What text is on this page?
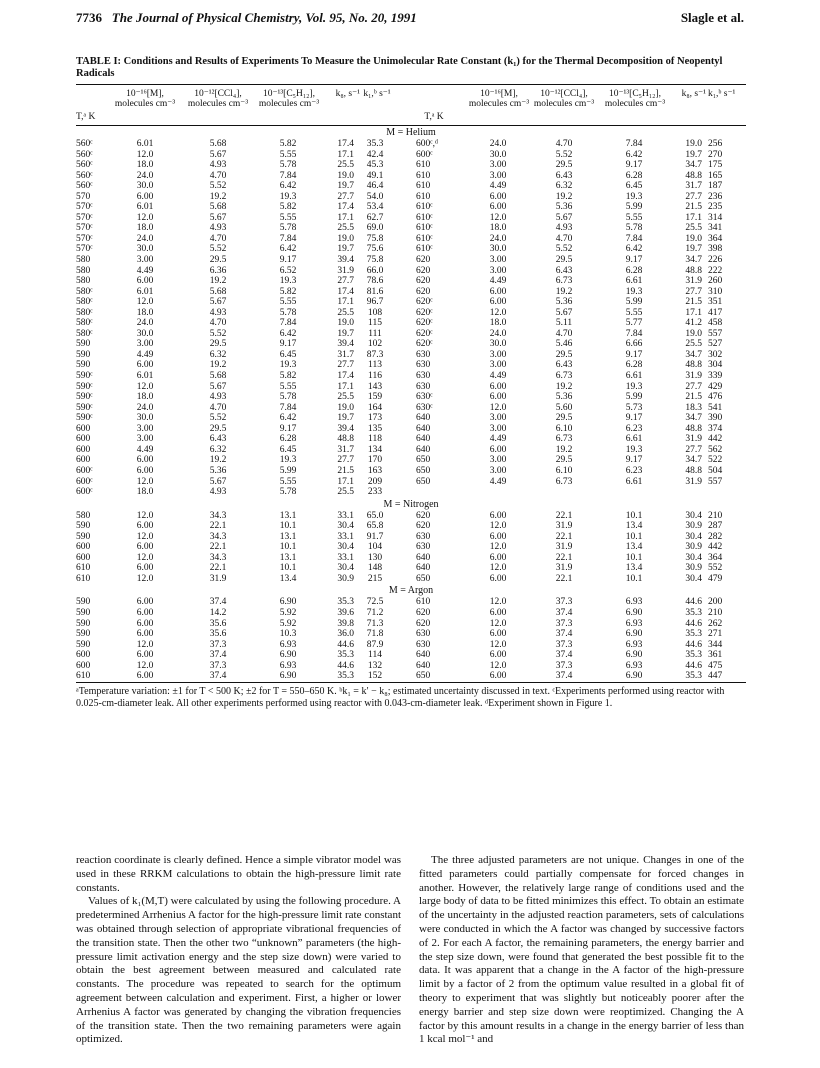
7736 The Journal of Physical Chemistry, Vol. 95, No. 20, 1991	Slagle et al.
TABLE I: Conditions and Results of Experiments To Measure the Unimolecular Rate Constant (k₁) for the Thermal Decomposition of Neopentyl Radicals
T,ᵃ K
10⁻¹⁶[M], molecules cm⁻³
10⁻¹²[CCl₄], molecules cm⁻³
10⁻¹³[C₅H₁₂], molecules cm⁻³
k₈, s⁻¹ k₁,ᵇ s⁻¹
T,ᵃ K
10⁻¹⁶[M], molecules cm⁻³
10⁻¹²[CCl₄], molecules cm⁻³
10⁻¹³[C₅H₁₂], molecules cm⁻³
k₈, s⁻¹ k₁,ᵇ s⁻¹
M = Helium
560ᶜ	6.01	5.68	5.82	17.4	35.3	600ᶜ,ᵈ	24.0	4.70	7.84	19.0 256
560ᶜ	12.0	5.67	5.55	17.1	42.4	600ᶜ	30.0	5.52	6.42	19.7 270
560ᶜ	18.0	4.93	5.78	25.5	45.3	610	3.00	29.5	9.17	34.7 175
560ᶜ	24.0	4.70	7.84	19.0	49.1	610	3.00	6.43	6.28	48.8 165
560ᶜ	30.0	5.52	6.42	19.7	46.4	610	4.49	6.32	6.45	31.7 187
570	6.00	19.2	19.3	27.7	54.0	610	6.00	19.2	19.3	27.7 236
570ᶜ	6.01	5.68	5.82	17.4	53.4	610ᶜ	6.00	5.36	5.99	21.5 235
570ᶜ	12.0	5.67	5.55	17.1	62.7	610ᶜ	12.0	5.67	5.55	17.1 314
570ᶜ	18.0	4.93	5.78	25.5	69.0	610ᶜ	18.0	4.93	5.78	25.5 341
570ᶜ	24.0	4.70	7.84	19.0	75.8	610ᶜ	24.0	4.70	7.84	19.0 364
570ᶜ	30.0	5.52	6.42	19.7	75.6	610ᶜ	30.0	5.52	6.42	19.7 398
580	3.00	29.5	9.17	39.4	75.8	620	3.00	29.5	9.17	34.7 226
580	4.49	6.36	6.52	31.9	66.0	620	3.00	6.43	6.28	48.8 222
580	6.00	19.2	19.3	27.7	78.6	620	4.49	6.73	6.61	31.9 260
580ᶜ	6.01	5.68	5.82	17.4	81.6	620	6.00	19.2	19.3	27.7 310
580ᶜ	12.0	5.67	5.55	17.1	96.7	620ᶜ	6.00	5.36	5.99	21.5 351
580ᶜ	18.0	4.93	5.78	25.5	108	620ᶜ	12.0	5.67	5.55	17.1 417
580ᶜ	24.0	4.70	7.84	19.0	115	620ᶜ	18.0	5.11	5.77	41.2 458
580ᶜ	30.0	5.52	6.42	19.7	111	620ᶜ	24.0	4.70	7.84	19.0 557
590	3.00	29.5	9.17	39.4	102	620ᶜ	30.0	5.46	6.66	25.5 527
590	4.49	6.32	6.45	31.7	87.3	630	3.00	29.5	9.17	34.7 302
590	6.00	19.2	19.3	27.7	113	630	3.00	6.43	6.28	48.8 304
590ᶜ	6.01	5.68	5.82	17.4	116	630	4.49	6.73	6.61	31.9 339
590ᶜ	12.0	5.67	5.55	17.1	143	630	6.00	19.2	19.3	27.7 429
590ᶜ	18.0	4.93	5.78	25.5	159	630ᶜ	6.00	5.36	5.99	21.5 476
590ᶜ	24.0	4.70	7.84	19.0	164	630ᶜ	12.0	5.60	5.73	18.3 541
590ᶜ	30.0	5.52	6.42	19.7	173	640	3.00	29.5	9.17	34.7 390
600	3.00	29.5	9.17	39.4	135	640	3.00	6.10	6.23	48.8 374
600	3.00	6.43	6.28	48.8	118	640	4.49	6.73	6.61	31.9 442
600	4.49	6.32	6.45	31.7	134	640	6.00	19.2	19.3	27.7 562
600	6.00	19.2	19.3	27.7	170	650	3.00	29.5	9.17	34.7 522
600ᶜ	6.00	5.36	5.99	21.5	163	650	3.00	6.10	6.23	48.8 504
600ᶜ	12.0	5.67	5.55	17.1	209	650	4.49	6.73	6.61	31.9 557
600ᶜ	18.0	4.93	5.78	25.5	233
M = Nitrogen
580	12.0	34.3	13.1	33.1	65.0	620	6.00	22.1	10.1	30.4 210
590	6.00	22.1	10.1	30.4	65.8	620	12.0	31.9	13.4	30.9 287
590	12.0	34.3	13.1	33.1	91.7	630	6.00	22.1	10.1	30.4 282
600	6.00	22.1	10.1	30.4	104	630	12.0	31.9	13.4	30.9 442
600	12.0	34.3	13.1	33.1	130	640	6.00	22.1	10.1	30.4 364
610	6.00	22.1	10.1	30.4	148	640	12.0	31.9	13.4	30.9 552
610	12.0	31.9	13.4	30.9	215	650	6.00	22.1	10.1	30.4 479
M = Argon
590	6.00	37.4	6.90	35.3	72.5	610	12.0	37.3	6.93	44.6 200
590	6.00	14.2	5.92	39.6	71.2	620	6.00	37.4	6.90	35.3 210
590	6.00	35.6	5.92	39.8	71.3	620	12.0	37.3	6.93	44.6 262
590	6.00	35.6	10.3	36.0	71.8	630	6.00	37.4	6.90	35.3 271
590	12.0	37.3	6.93	44.6	87.9	630	12.0	37.3	6.93	44.6 344
600	6.00	37.4	6.90	35.3	114	640	6.00	37.4	6.90	35.3 361
600	12.0	37.3	6.93	44.6	132	640	12.0	37.3	6.93	44.6 475
610	6.00	37.4	6.90	35.3	152	650	6.00	37.4	6.90	35.3 447
ᵃTemperature variation: ±1 for T < 500 K; ±2 for T = 550–650 K. ᵇk₁ = k′ − k₈; estimated uncertainty discussed in text. ᶜExperiments performed using reactor with 0.025-cm-diameter leak. All other experiments performed using reactor with 0.043-cm-diameter leak. ᵈExperiment shown in Figure 1.

reaction coordinate is clearly defined. Hence a simple vibrator model was used in these RRKM calculations to obtain the high-pressure limit rate constants.

Values of k₁(M,T) were calculated by using the following procedure. A predetermined Arrhenius A factor for the high-pressure limit rate constant was obtained through selection of appropriate vibrational frequencies of the transition state. Then the other two “unknown” parameters (the high-pressure limit activation energy and the step size down) were varied to obtain the best agreement between measured and calculated rate constants. The procedure was repeated to search for the optimum agreement between calculation and experiment. First, a higher or lower Arrhenius A factor was generated by changing the vibration frequencies of the transition state. Then the two remaining parameters were again optimized.

The three adjusted parameters are not unique. Changes in one of the fitted parameters could partially compensate for forced changes in another. However, the relatively large range of conditions used and the large body of data to be fitted minimizes this effect. To obtain an estimate of the uncertainty in the adjusted reaction parameters, sets of calculations were conducted in which the A factor was changed by successive factors of 2. For each A factor, the remaining parameters, the energy barrier and the step size down, were found that generated the best possible fit to the data. It was apparent that a change in the A factor of the high-pressure limit by a factor of 2 from the optimum value resulted in a global fit of theory to experiment that was slightly but noticeably poorer after the energy barrier and step size down were reoptimized. Changing the A factor by this amount results in a change in the energy barrier of less than 1 kcal mol⁻¹ and
